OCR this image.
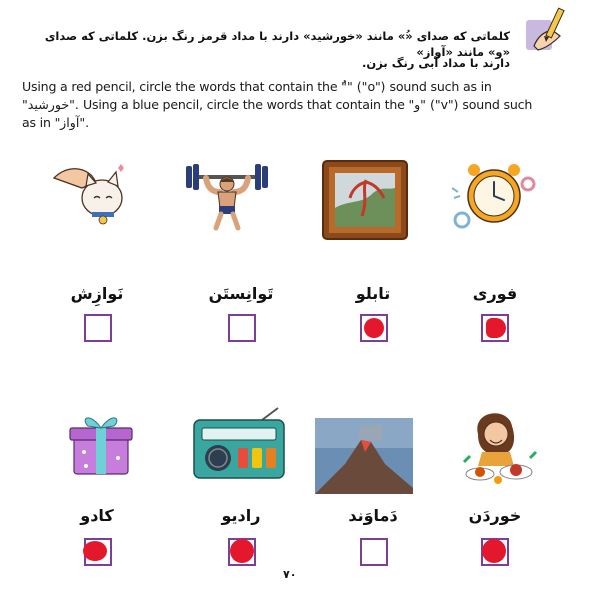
کلماتی که صدای «ُ» مانند «خورشید» دارند با مداد قرمز رنگ بزن. کلماتی که صدای «و» مانند «آواز»
دارند با مداد آبی رنگ بزن.
Using a red pencil, circle the words that contain the "ُ" ("o") sound such as in
"خورشید". Using a blue pencil, circle the words that contain the "و" ("v") sound such
as in "آواز".
نَوازِش	تَوانِستَن	تابلو	فوری
کادو	رادیو	دَماوَند	خوردَن
۷۰
